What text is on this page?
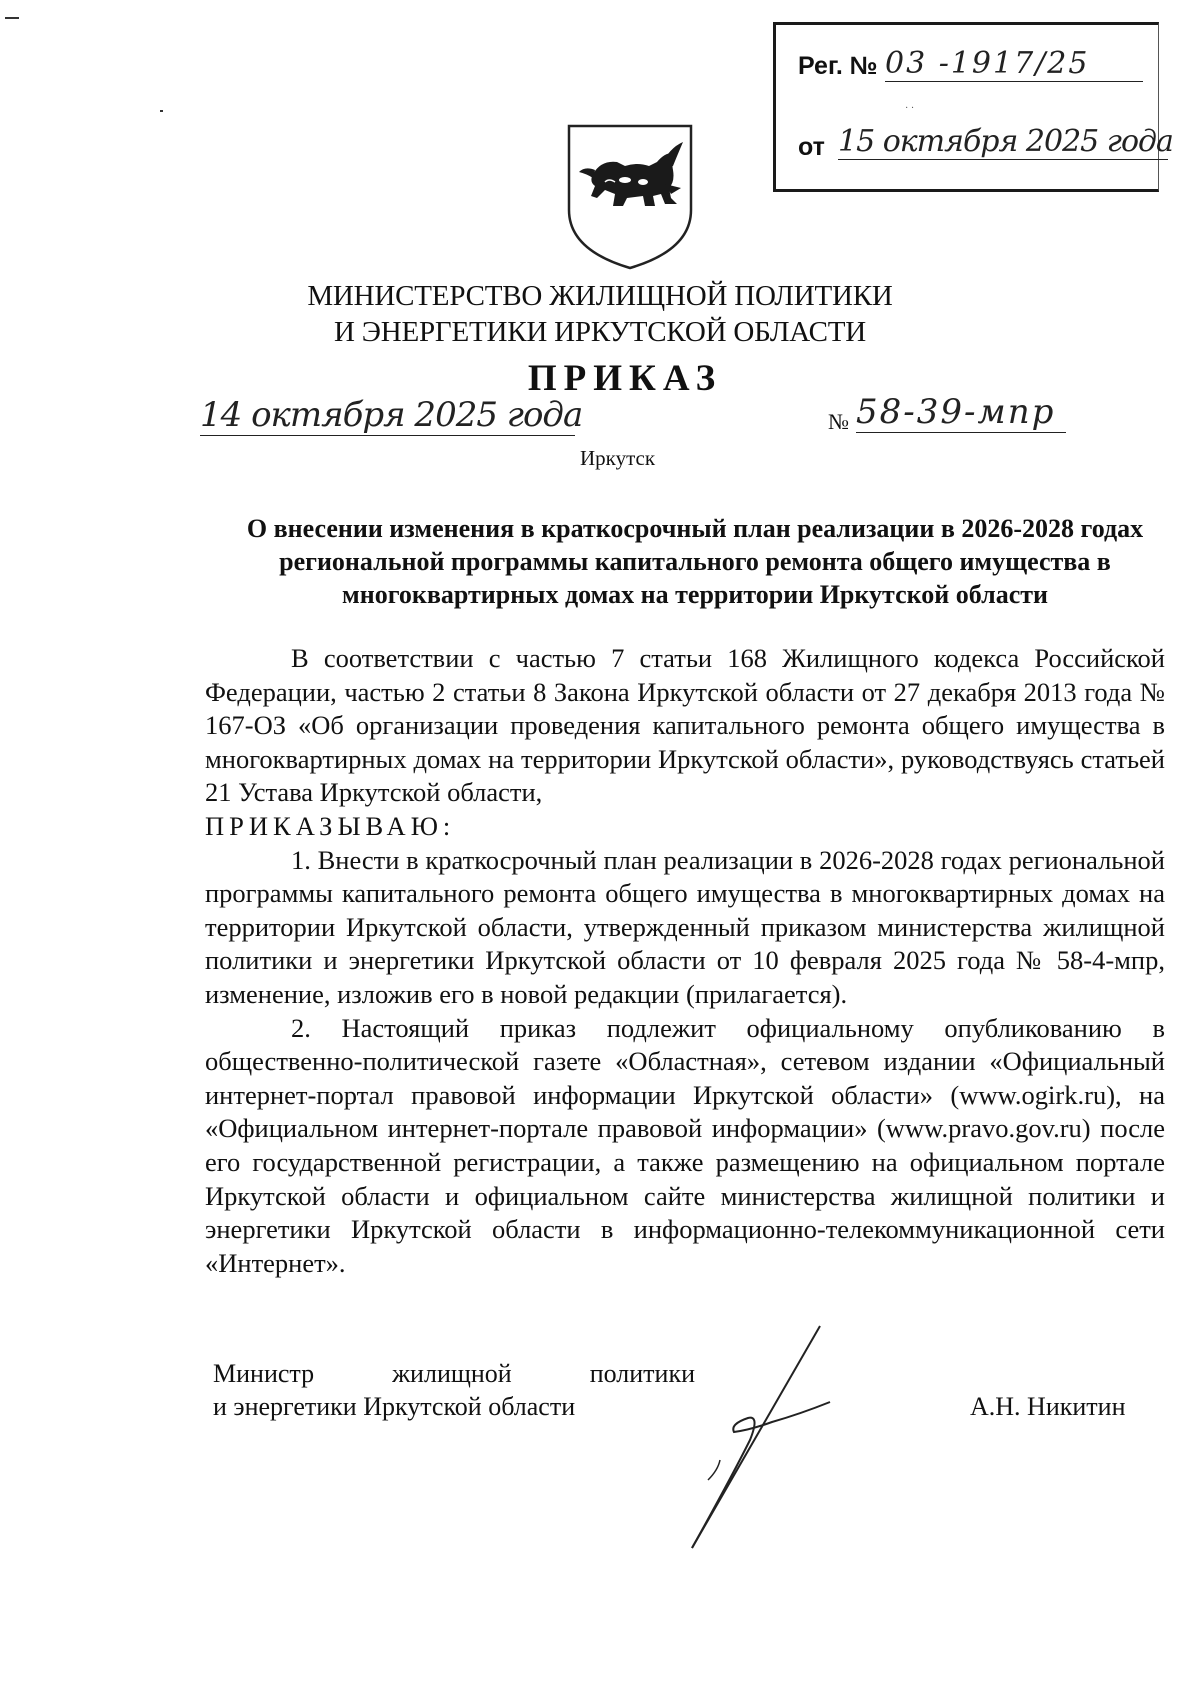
Рег. № 03 -1917/25
· ·
от 15 октября 2025 года
МИНИСТЕРСТВО ЖИЛИЩНОЙ ПОЛИТИКИ
И ЭНЕРГЕТИКИ ИРКУТСКОЙ ОБЛАСТИ
ПРИКАЗ
14 октября 2025 года	№ 58-39-мпр
Иркутск
О внесении изменения в краткосрочный план реализации в 2026-2028 годах региональной программы капитального ремонта общего имущества в многоквартирных домах на территории Иркутской области

В соответствии с частью 7 статьи 168 Жилищного кодекса Российской Федерации, частью 2 статьи 8 Закона Иркутской области от 27 декабря 2013 года № 167-ОЗ «Об организации проведения капитального ремонта общего имущества в многоквартирных домах на территории Иркутской области», руководствуясь статьей 21 Устава Иркутской области,

ПРИКАЗЫВАЮ:

1. Внести в краткосрочный план реализации в 2026-2028 годах региональной программы капитального ремонта общего имущества в многоквартирных домах на территории Иркутской области, утвержденный приказом министерства жилищной политики и энергетики Иркутской области от 10 февраля 2025 года № 58-4-мпр, изменение, изложив его в новой редакции (прилагается).

2. Настоящий приказ подлежит официальному опубликованию в общественно-политической газете «Областная», сетевом издании «Официальный интернет-портал правовой информации Иркутской области» (www.ogirk.ru), на «Официальном интернет-портале правовой информации» (www.pravo.gov.ru) после его государственной регистрации, а также размещению на официальном портале Иркутской области и официальном сайте министерства жилищной политики и энергетики Иркутской области в информационно-телекоммуникационной сети «Интернет».

Министр жилищной политики
и энергетики Иркутской области	А.Н. Никитин
